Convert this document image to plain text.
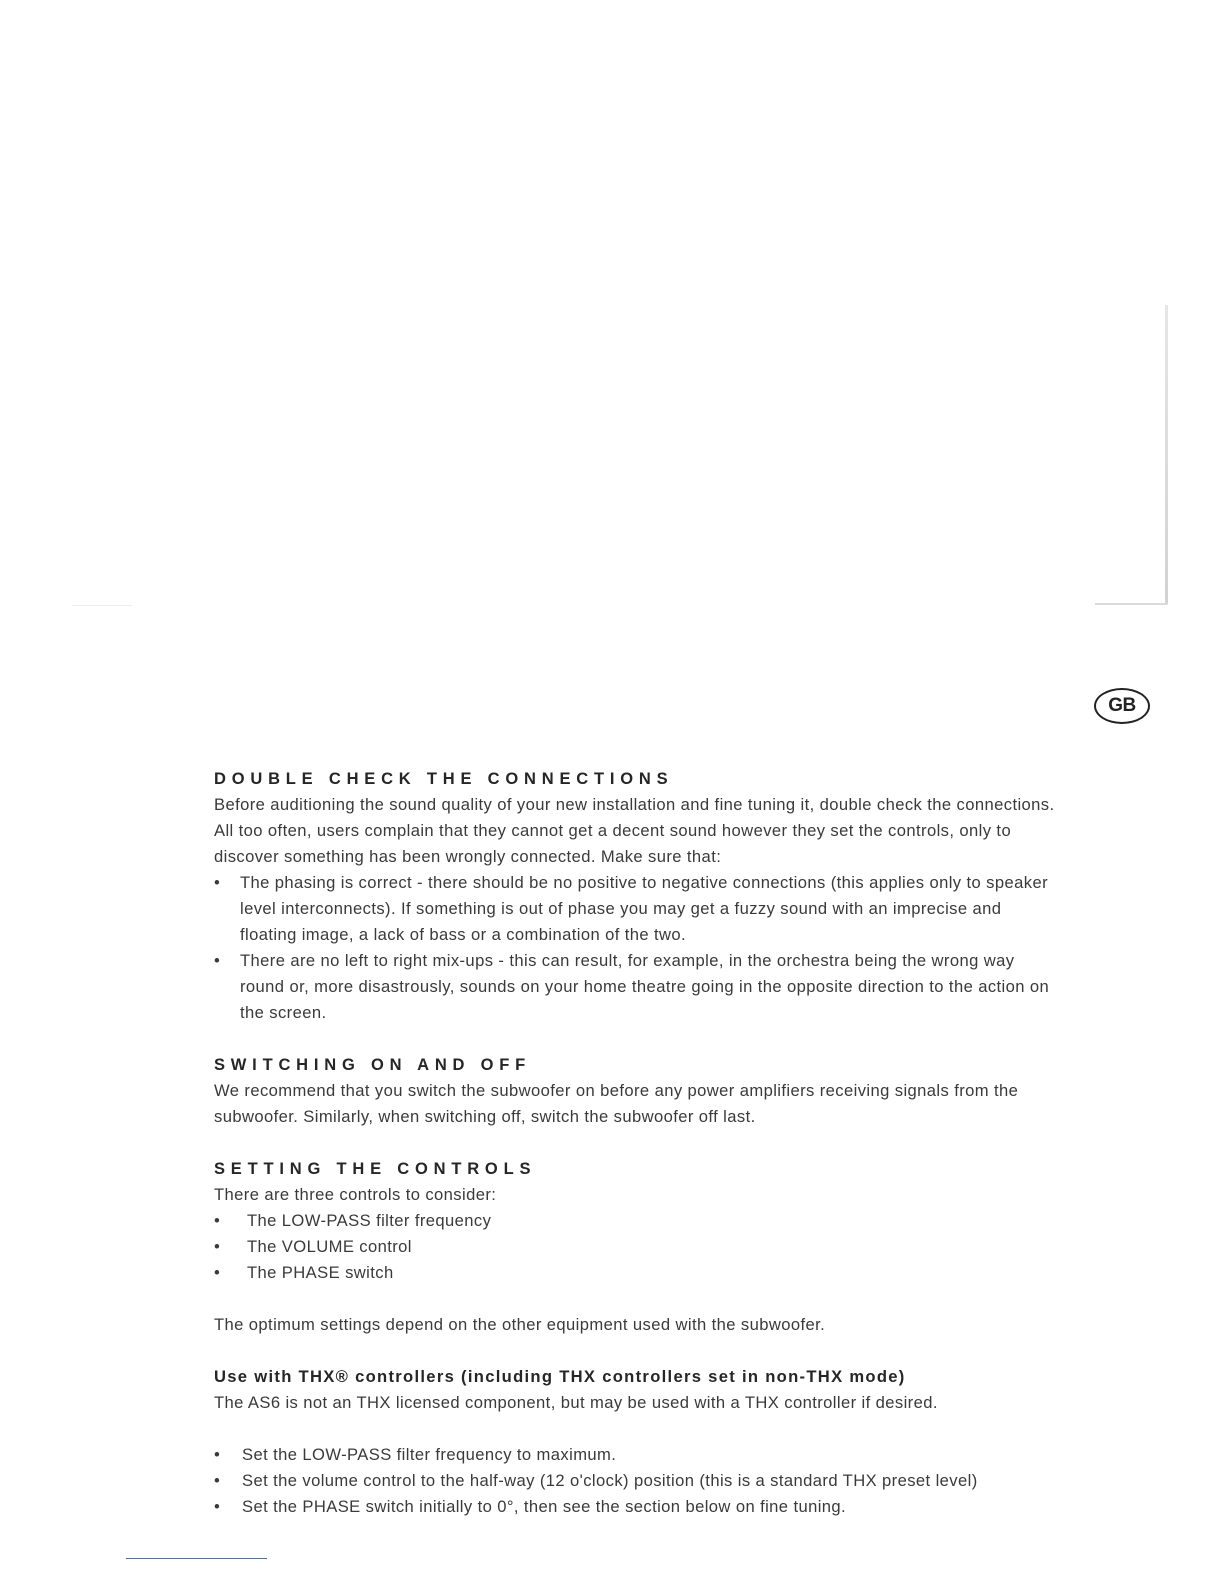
GB
DOUBLE CHECK THE CONNECTIONS

Before auditioning the sound quality of your new installation and fine tuning it, double check the connections. All too often, users complain that they cannot get a decent sound however they set the controls, only to discover something has been wrongly connected. Make sure that:

• The phasing is correct - there should be no positive to negative connections (this applies only to speaker level interconnects). If something is out of phase you may get a fuzzy sound with an imprecise and floating image, a lack of bass or a combination of the two.
• There are no left to right mix-ups - this can result, for example, in the orchestra being the wrong way round or, more disastrously, sounds on your home theatre going in the opposite direction to the action on the screen.
SWITCHING ON AND OFF

We recommend that you switch the subwoofer on before any power amplifiers receiving signals from the subwoofer. Similarly, when switching off, switch the subwoofer off last.

SETTING THE CONTROLS

There are three controls to consider:

• The LOW-PASS filter frequency
• The VOLUME control
• The PHASE switch

The optimum settings depend on the other equipment used with the subwoofer.

Use with THX® controllers (including THX controllers set in non-THX mode)

The AS6 is not an THX licensed component, but may be used with a THX controller if desired.

• Set the LOW-PASS filter frequency to maximum.
• Set the volume control to the half-way (12 o'clock) position (this is a standard THX preset level)
• Set the PHASE switch initially to 0°, then see the section below on fine tuning.
